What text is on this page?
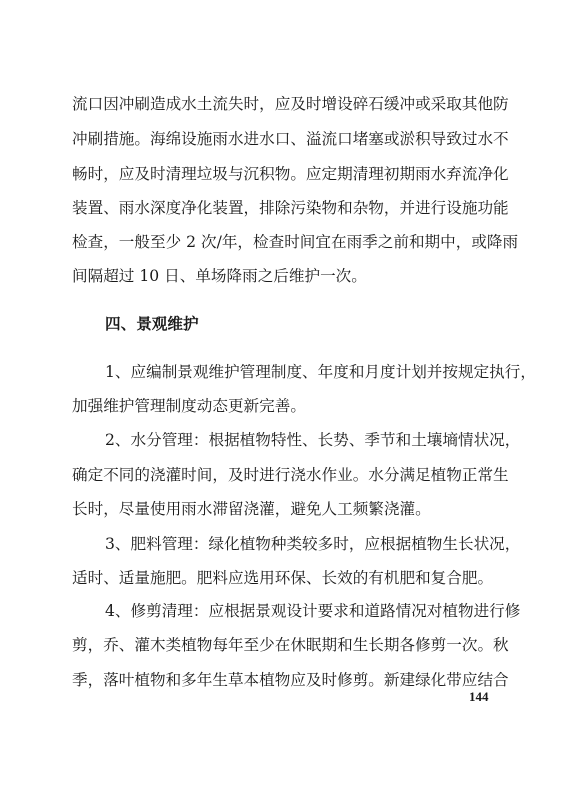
流口因冲刷造成水土流失时，应及时增设碎石缓冲或采取其他防
冲刷措施。海绵设施雨水进水口、溢流口堵塞或淤积导致过水不
畅时，应及时清理垃圾与沉积物。应定期清理初期雨水弃流净化
装置、雨水深度净化装置，排除污染物和杂物，并进行设施功能
检查，一般至少 2 次/年，检查时间宜在雨季之前和期中，或降雨
间隔超过 10 日、单场降雨之后维护一次。
四、景观维护
1、应编制景观维护管理制度、年度和月度计划并按规定执行，
加强维护管理制度动态更新完善。
2、水分管理：根据植物特性、长势、季节和土壤墒情状况，
确定不同的浇灌时间，及时进行浇水作业。水分满足植物正常生
长时，尽量使用雨水滞留浇灌，避免人工频繁浇灌。
3、肥料管理：绿化植物种类较多时，应根据植物生长状况，
适时、适量施肥。肥料应选用环保、长效的有机肥和复合肥。
4、修剪清理：应根据景观设计要求和道路情况对植物进行修
剪，乔、灌木类植物每年至少在休眠期和生长期各修剪一次。秋
季，落叶植物和多年生草本植物应及时修剪。新建绿化带应结合
144
